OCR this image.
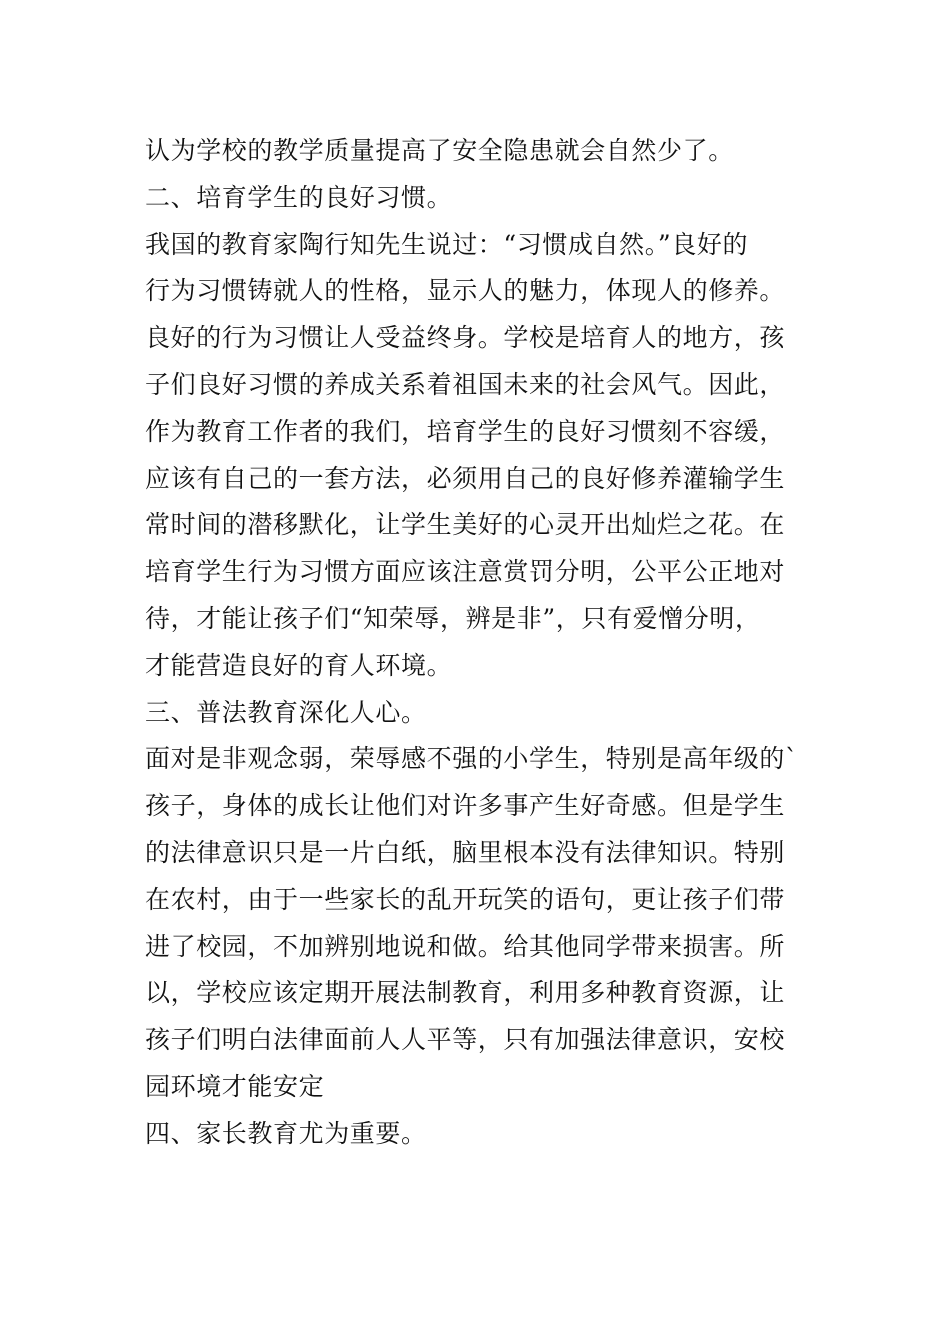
认为学校的教学质量提高了安全隐患就会自然少了。
二、培育学生的良好习惯。
我国的教育家陶行知先生说过：“习惯成自然。”良好的
行为习惯铸就人的性格，显示人的魅力，体现人的修养。
良好的行为习惯让人受益终身。学校是培育人的地方，孩
子们良好习惯的养成关系着祖国未来的社会风气。因此，
作为教育工作者的我们，培育学生的良好习惯刻不容缓，
应该有自己的一套方法，必须用自己的良好修养灌输学生
常时间的潜移默化，让学生美好的心灵开出灿烂之花。在
培育学生行为习惯方面应该注意赏罚分明，公平公正地对
待，才能让孩子们“知荣辱，辨是非”，只有爱憎分明，
才能营造良好的育人环境。
三、普法教育深化人心。
面对是非观念弱，荣辱感不强的小学生，特别是高年级的`
孩子，身体的成长让他们对许多事产生好奇感。但是学生
的法律意识只是一片白纸，脑里根本没有法律知识。特别
在农村，由于一些家长的乱开玩笑的语句，更让孩子们带
进了校园，不加辨别地说和做。给其他同学带来损害。所
以，学校应该定期开展法制教育，利用多种教育资源，让
孩子们明白法律面前人人平等，只有加强法律意识，安校
园环境才能安定
四、家长教育尤为重要。
